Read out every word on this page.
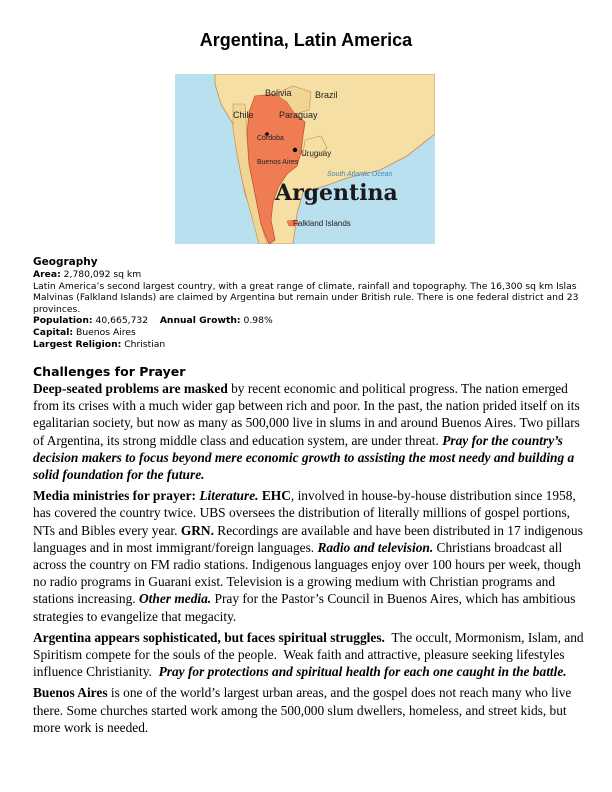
Argentina, Latin America
Bolivia	Brazil
Chile	Paraguay
Córdoba
Uruguay
Buenos Aires
South Atlantic Ocean
Argentina
Falkland Islands
Geography
Area: 2,780,092 sq km
Latin America’s second largest country, with a great range of climate, rainfall and topography. The 16,300 sq km Islas Malvinas (Falkland Islands) are claimed by Argentina but remain under British rule. There is one federal district and 23 provinces.
Population: 40,665,732 Annual Growth: 0.98%
Capital: Buenos Aires
Largest Religion: Christian
Challenges for Prayer

Deep-seated problems are masked by recent economic and political progress. The nation emerged from its crises with a much wider gap between rich and poor. In the past, the nation prided itself on its egalitarian society, but now as many as 500,000 live in slums in and around Buenos Aires. Two pillars of Argentina, its strong middle class and education system, are under threat. Pray for the country’s decision makers to focus beyond mere economic growth to assisting the most needy and building a solid foundation for the future.

Media ministries for prayer: Literature. EHC, involved in house-by-house distribution since 1958, has covered the country twice. UBS oversees the distribution of literally millions of gospel portions, NTs and Bibles every year. GRN. Recordings are available and have been distributed in 17 indigenous languages and in most immigrant/foreign languages. Radio and television. Christians broadcast all across the country on FM radio stations. Indigenous languages enjoy over 100 hours per week, though no radio programs in Guarani exist. Television is a growing medium with Christian programs and stations increasing. Other media. Pray for the Pastor’s Council in Buenos Aires, which has ambitious strategies to evangelize that megacity.

Argentina appears sophisticated, but faces spiritual struggles.  The occult, Mormonism, Islam, and Spiritism compete for the souls of the people.  Weak faith and attractive, pleasure seeking lifestyles influence Christianity.  Pray for protections and spiritual health for each one caught in the battle.

Buenos Aires is one of the world’s largest urban areas, and the gospel does not reach many who live there. Some churches started work among the 500,000 slum dwellers, homeless, and street kids, but more work is needed.
